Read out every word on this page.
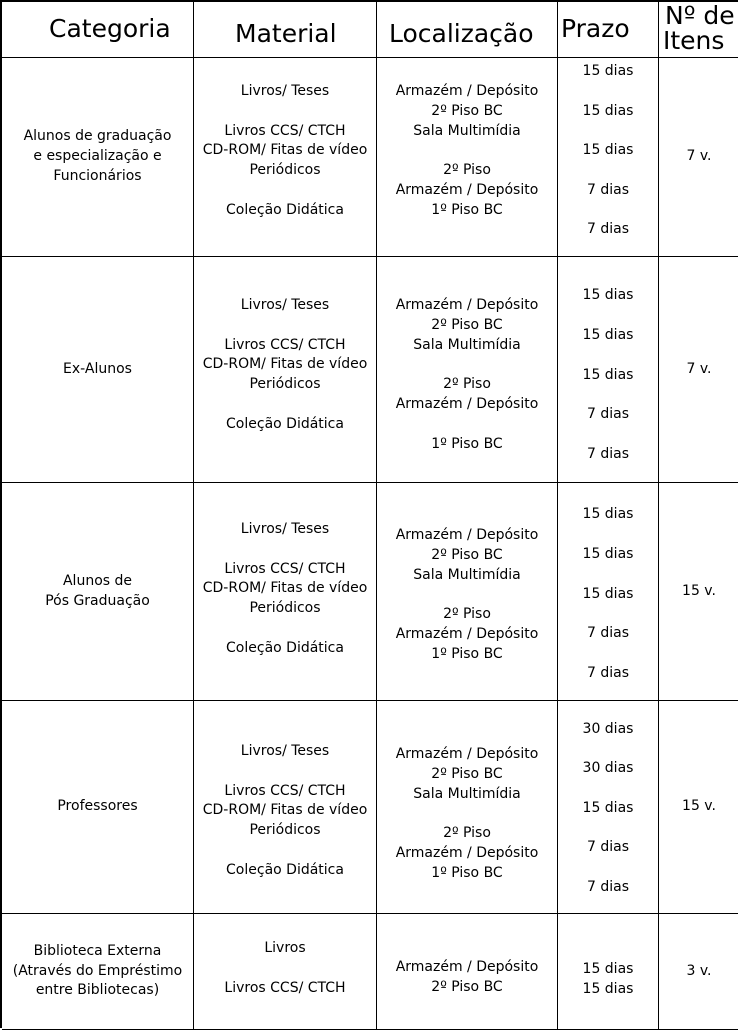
Categoria	Material Localização Prazo Nº de
Itens
Alunos de graduação
e especialização e
Funcionários
Livros/ Teses
Livros CCS/ CTCH
CD-ROM/ Fitas de vídeo
Periódicos
Coleção Didática
Armazém / Depósito
2º Piso BC
Sala Multimídia
2º Piso
Armazém / Depósito
1º Piso BC
15 dias
15 dias
15 dias
7 dias
7 dias
7 v.
Ex-Alunos
Livros/ Teses
Livros CCS/ CTCH
CD-ROM/ Fitas de vídeo
Periódicos
Coleção Didática
Armazém / Depósito
2º Piso BC
Sala Multimídia
2º Piso
Armazém / Depósito
1º Piso BC
15 dias
15 dias
15 dias
7 dias
7 dias
7 v.
Alunos de
Pós Graduação
Livros/ Teses
Livros CCS/ CTCH
CD-ROM/ Fitas de vídeo
Periódicos
Coleção Didática
Armazém / Depósito
2º Piso BC
Sala Multimídia
2º Piso
Armazém / Depósito
1º Piso BC
15 dias
15 dias
15 dias
7 dias
7 dias
15 v.
Professores
Livros/ Teses
Livros CCS/ CTCH
CD-ROM/ Fitas de vídeo
Periódicos
Coleção Didática
Armazém / Depósito
2º Piso BC
Sala Multimídia
2º Piso
Armazém / Depósito
1º Piso BC
30 dias
30 dias
15 dias
7 dias
7 dias
15 v.
Biblioteca Externa
(Através do Empréstimo
entre Bibliotecas)
Livros
Livros CCS/ CTCH
Armazém / Depósito
2º Piso BC
15 dias
15 dias
3 v.
